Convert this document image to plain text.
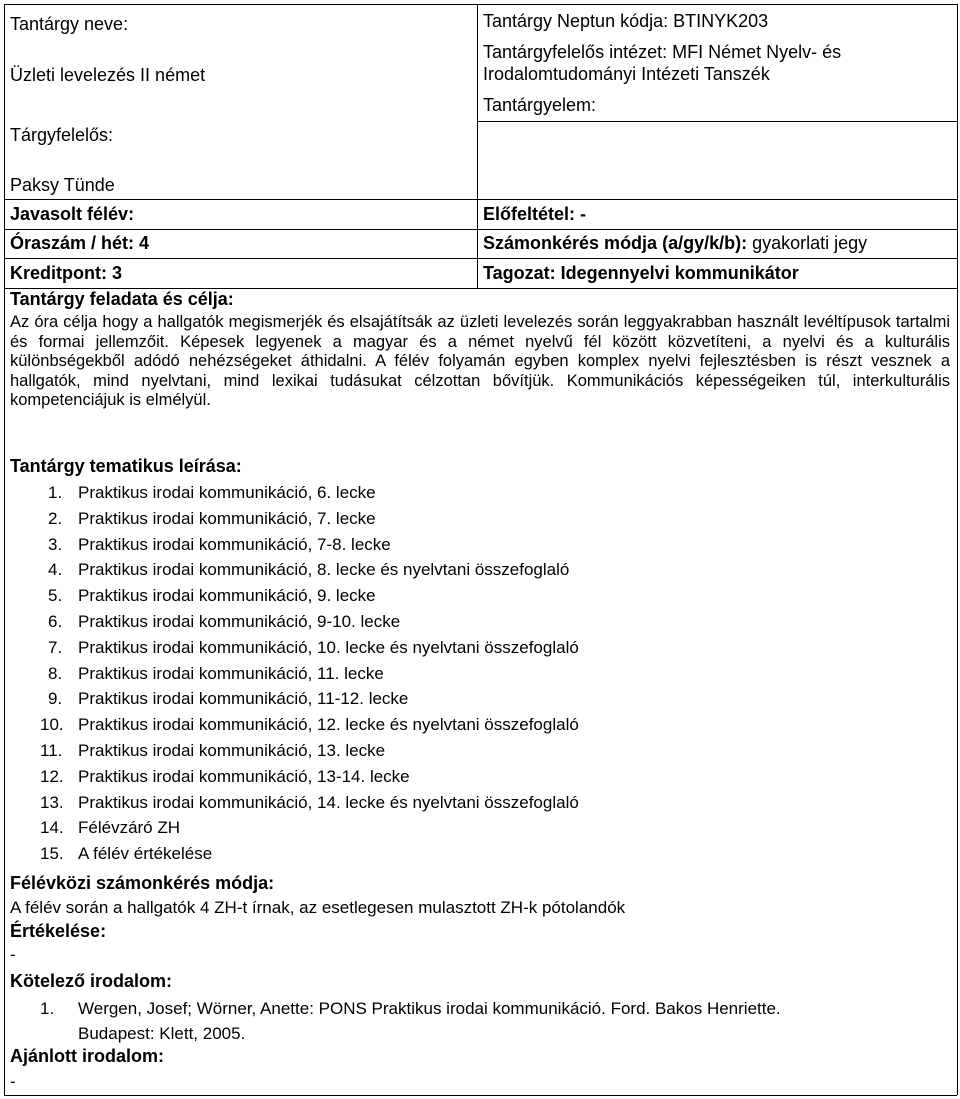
Tantárgy neve:
Üzleti levelezés II német
Tárgyfelelős:
Paksy Tünde
Tantárgy Neptun kódja: BTINYK203
Tantárgyfelelős intézet: MFI Német Nyelv- és
Irodalomtudományi Intézeti Tanszék
Tantárgyelem:
Javasolt félév:	Előfeltétel: -
Óraszám / hét: 4	Számonkérés módja (a/gy/k/b): gyakorlati jegy
Kreditpont: 3	Tagozat: Idegennyelvi kommunikátor
Tantárgy feladata és célja:
Az óra célja hogy a hallgatók megismerjék és elsajátítsák az üzleti levelezés során leggyakrabban használt levéltípusok tartalmi és formai jellemzőit. Képesek legyenek a magyar és a német nyelvű fél között közvetíteni, a nyelvi és a kulturális különbségekből adódó nehézségeket áthidalni. A félév folyamán egyben komplex nyelvi fejlesztésben is részt vesznek a hallgatók, mind nyelvtani, mind lexikai tudásukat célzottan bővítjük. Kommunikációs képességeiken túl, interkulturális kompetenciájuk is elmélyül.
Tantárgy tematikus leírása:
1. Praktikus irodai kommunikáció, 6. lecke
2. Praktikus irodai kommunikáció, 7. lecke
3. Praktikus irodai kommunikáció, 7-8. lecke
4. Praktikus irodai kommunikáció, 8. lecke és nyelvtani összefoglaló
5. Praktikus irodai kommunikáció, 9. lecke
6. Praktikus irodai kommunikáció, 9-10. lecke
7. Praktikus irodai kommunikáció, 10. lecke és nyelvtani összefoglaló
8. Praktikus irodai kommunikáció, 11. lecke
9. Praktikus irodai kommunikáció, 11-12. lecke
10. Praktikus irodai kommunikáció, 12. lecke és nyelvtani összefoglaló
11. Praktikus irodai kommunikáció, 13. lecke
12. Praktikus irodai kommunikáció, 13-14. lecke
13. Praktikus irodai kommunikáció, 14. lecke és nyelvtani összefoglaló
14. Félévzáró ZH
15. A félév értékelése
Félévközi számonkérés módja:
A félév során a hallgatók 4 ZH-t írnak, az esetlegesen mulasztott ZH-k pótolandók
Értékelése:
-
Kötelező irodalom:
1. Wergen, Josef; Wörner, Anette: PONS Praktikus irodai kommunikáció. Ford. Bakos Henriette.
Budapest: Klett, 2005.
Ajánlott irodalom:
-
